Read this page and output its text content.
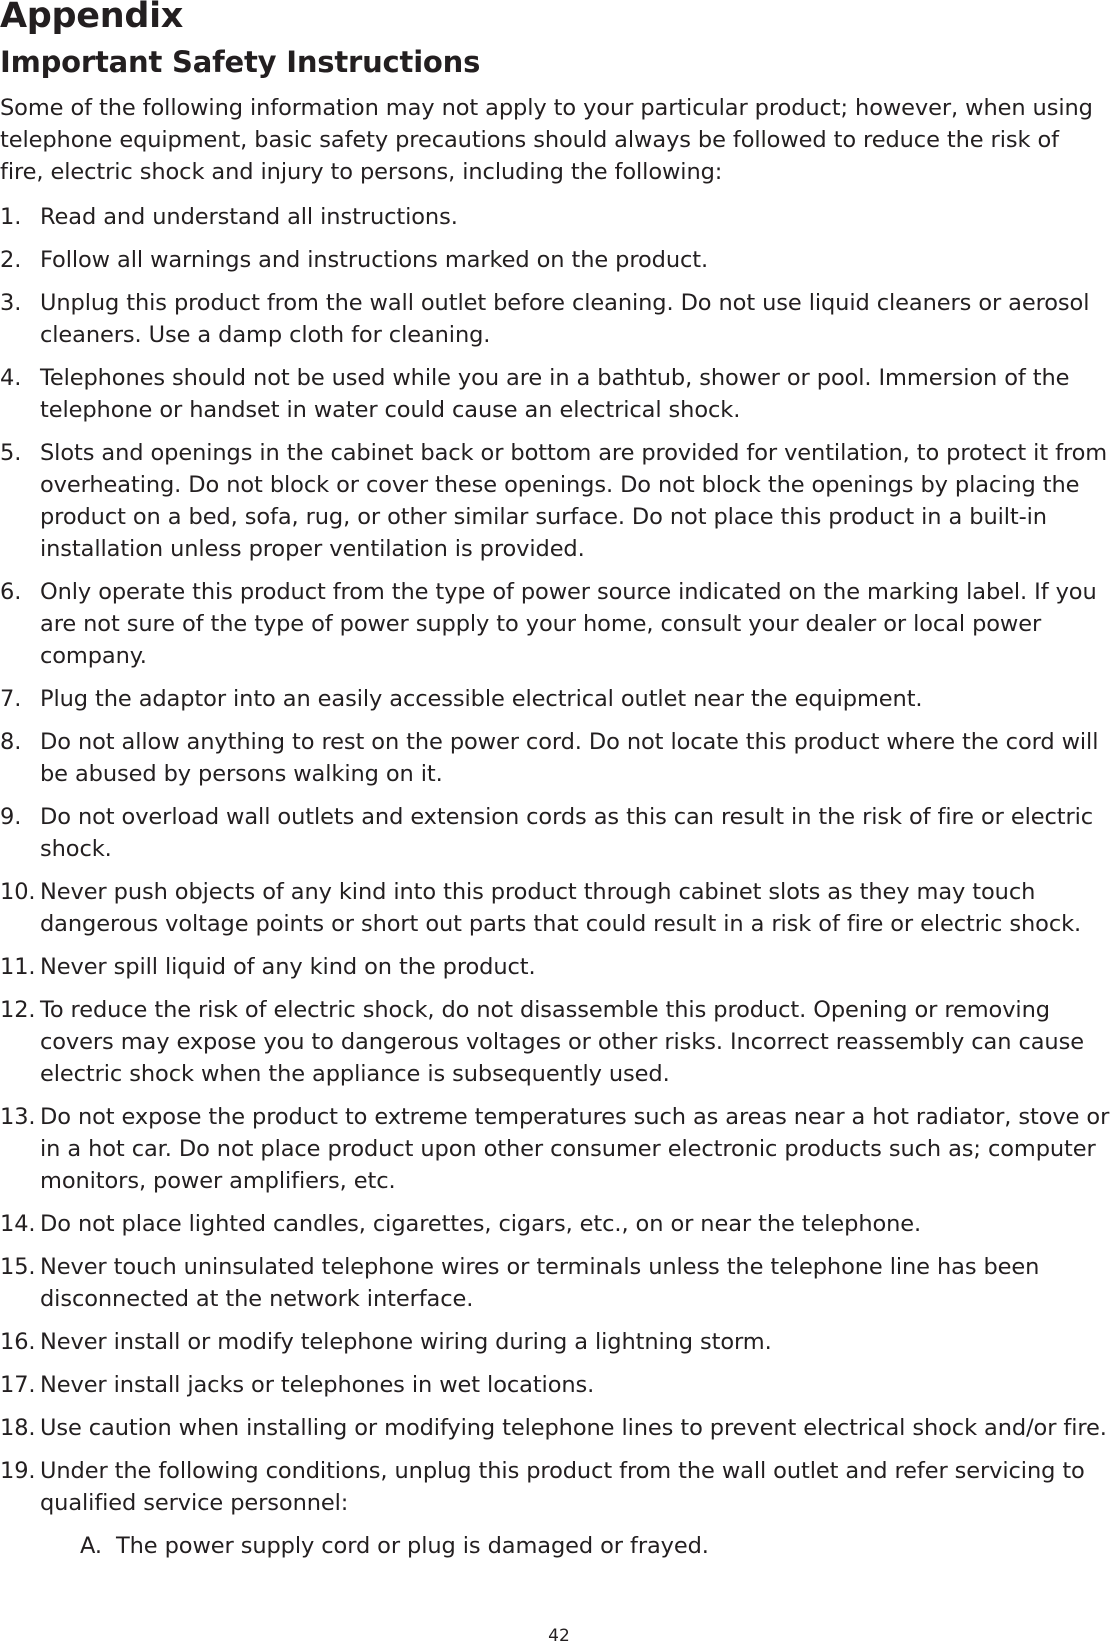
Appendix
Important Safety Instructions

Some of the following information may not apply to your particular product; however, when using telephone equipment, basic safety precautions should always be followed to reduce the risk of fire, electric shock and injury to persons, including the following:

1. Read and understand all instructions.
2. Follow all warnings and instructions marked on the product.
3. Unplug this product from the wall outlet before cleaning. Do not use liquid cleaners or aerosol cleaners. Use a damp cloth for cleaning.
4. Telephones should not be used while you are in a bathtub, shower or pool. Immersion of the telephone or handset in water could cause an electrical shock.
5. Slots and openings in the cabinet back or bottom are provided for ventilation, to protect it from overheating. Do not block or cover these openings. Do not block the openings by placing the product on a bed, sofa, rug, or other similar surface. Do not place this product in a built-in installation unless proper ventilation is provided.
6. Only operate this product from the type of power source indicated on the marking label. If you are not sure of the type of power supply to your home, consult your dealer or local power company.
7. Plug the adaptor into an easily accessible electrical outlet near the equipment.
8. Do not allow anything to rest on the power cord. Do not locate this product where the cord will be abused by persons walking on it.
9. Do not overload wall outlets and extension cords as this can result in the risk of fire or electric shock.
10. Never push objects of any kind into this product through cabinet slots as they may touch dangerous voltage points or short out parts that could result in a risk of fire or electric shock.
11. Never spill liquid of any kind on the product.
12. To reduce the risk of electric shock, do not disassemble this product. Opening or removing covers may expose you to dangerous voltages or other risks. Incorrect reassembly can cause electric shock when the appliance is subsequently used.
13. Do not expose the product to extreme temperatures such as areas near a hot radiator, stove or in a hot car. Do not place product upon other consumer electronic products such as; computer monitors, power amplifiers, etc.
14. Do not place lighted candles, cigarettes, cigars, etc., on or near the telephone.
15. Never touch uninsulated telephone wires or terminals unless the telephone line has been disconnected at the network interface.
16. Never install or modify telephone wiring during a lightning storm.
17. Never install jacks or telephones in wet locations.
18. Use caution when installing or modifying telephone lines to prevent electrical shock and/or fire.
19. Under the following conditions, unplug this product from the wall outlet and refer servicing to qualified service personnel:
A. The power supply cord or plug is damaged or frayed.
42
